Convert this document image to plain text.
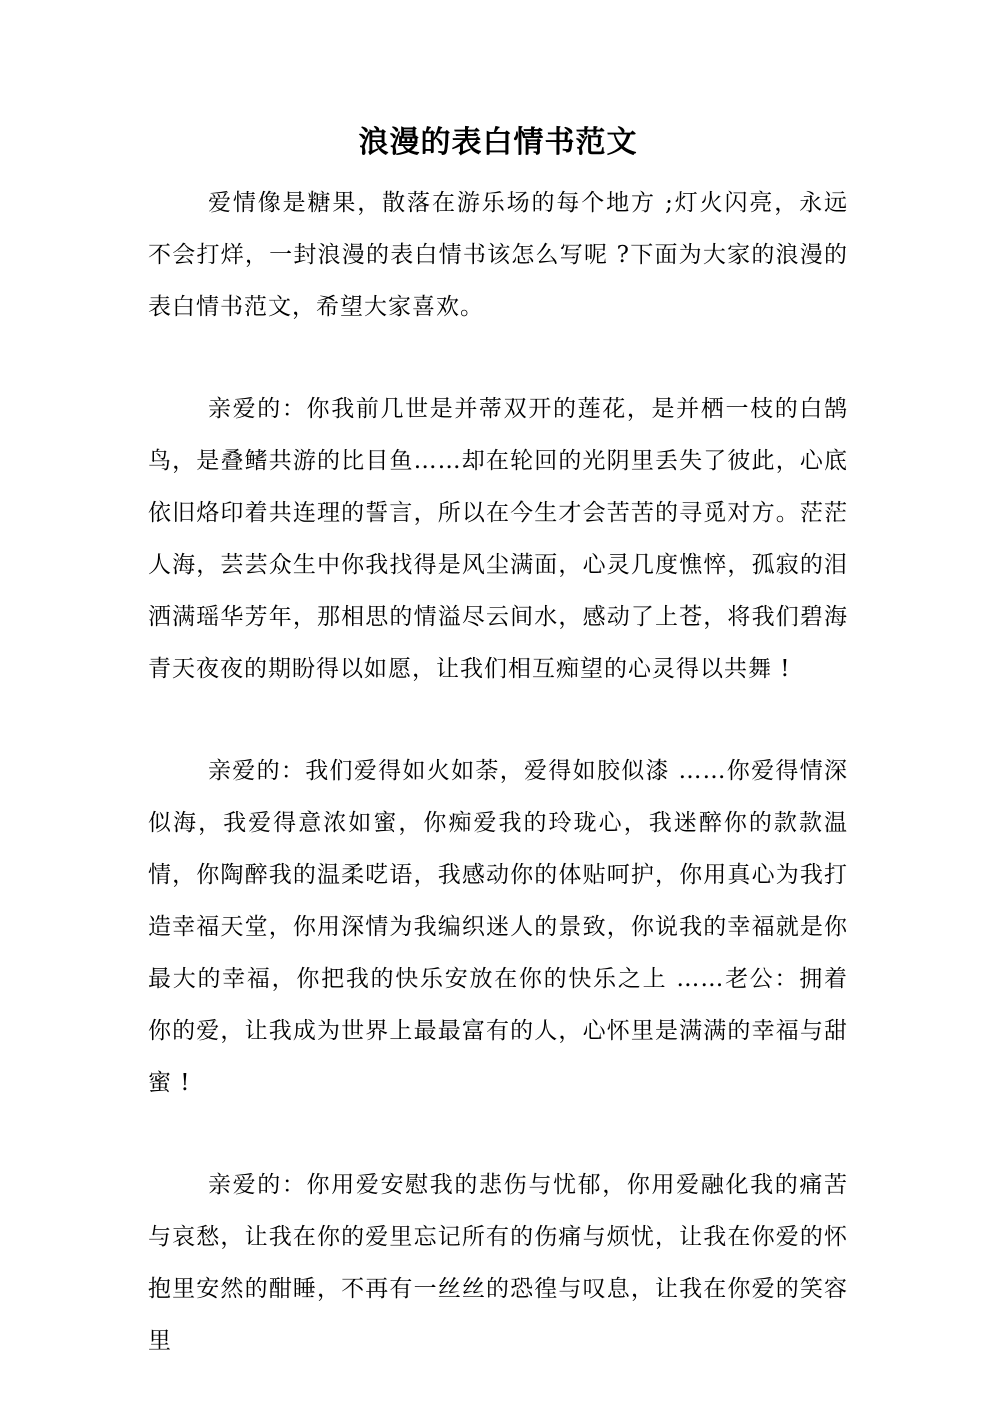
浪漫的表白情书范文

爱情像是糖果，散落在游乐场的每个地方 ;灯火闪亮，永远不会打烊，一封浪漫的表白情书该怎么写呢 ?下面为大家的浪漫的表白情书范文，希望大家喜欢。

亲爱的：你我前几世是并蒂双开的莲花，是并栖一枝的白鹄鸟，是叠鳍共游的比目鱼……却在轮回的光阴里丢失了彼此，心底依旧烙印着共连理的誓言，所以在今生才会苦苦的寻觅对方。茫茫人海，芸芸众生中你我找得是风尘满面，心灵几度憔悴，孤寂的泪洒满瑶华芳年，那相思的情溢尽云间水，感动了上苍，将我们碧海青天夜夜的期盼得以如愿，让我们相互痴望的心灵得以共舞 !

亲爱的：我们爱得如火如荼，爱得如胶似漆 ……你爱得情深似海，我爱得意浓如蜜，你痴爱我的玲珑心，我迷醉你的款款温情，你陶醉我的温柔呓语，我感动你的体贴呵护，你用真心为我打造幸福天堂，你用深情为我编织迷人的景致，你说我的幸福就是你最大的幸福，你把我的快乐安放在你的快乐之上 ……老公：拥着你的爱，让我成为世界上最最富有的人，心怀里是满满的幸福与甜蜜 !

亲爱的：你用爱安慰我的悲伤与忧郁，你用爱融化我的痛苦与哀愁，让我在你的爱里忘记所有的伤痛与烦忧，让我在你爱的怀抱里安然的酣睡，不再有一丝丝的恐徨与叹息，让我在你爱的笑容里
